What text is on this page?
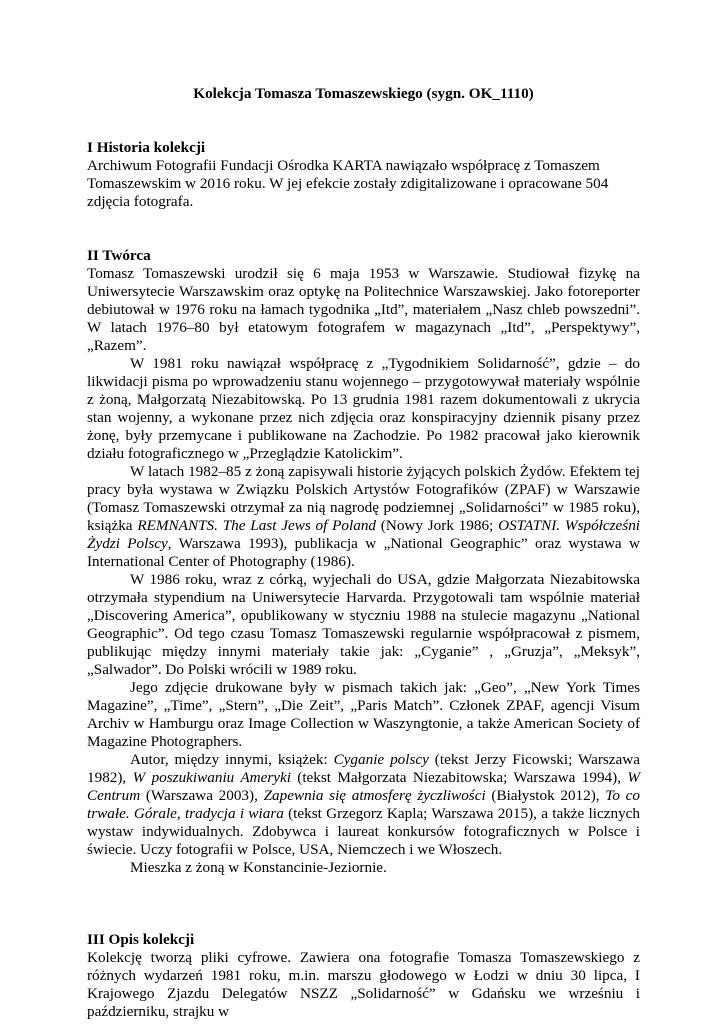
Kolekcja Tomasza Tomaszewskiego (sygn. OK_1110)

I Historia kolekcji

Archiwum Fotografii Fundacji Ośrodka KARTA nawiązało współpracę z Tomaszem Tomaszewskim w 2016 roku. W jej efekcie zostały zdigitalizowane i opracowane 504 zdjęcia fotografa.

II Twórca

Tomasz Tomaszewski urodził się 6 maja 1953 w Warszawie. Studiował fizykę na Uniwersytecie Warszawskim oraz optykę na Politechnice Warszawskiej. Jako fotoreporter debiutował w 1976 roku na łamach tygodnika „Itd”, materiałem „Nasz chleb powszedni”. W latach 1976–80 był etatowym fotografem w magazynach „Itd”, „Perspektywy”, „Razem”.

W 1981 roku nawiązał współpracę z „Tygodnikiem Solidarność”, gdzie – do likwidacji pisma po wprowadzeniu stanu wojennego – przygotowywał materiały wspólnie z żoną, Małgorzatą Niezabitowską. Po 13 grudnia 1981 razem dokumentowali z ukrycia stan wojenny, a wykonane przez nich zdjęcia oraz konspiracyjny dziennik pisany przez żonę, były przemycane i publikowane na Zachodzie. Po 1982 pracował jako kierownik działu fotograficznego w „Przeglądzie Katolickim”.

W latach 1982–85 z żoną zapisywali historie żyjących polskich Żydów. Efektem tej pracy była wystawa w Związku Polskich Artystów Fotografików (ZPAF) w Warszawie (Tomasz Tomaszewski otrzymał za nią nagrodę podziemnej „Solidarności” w 1985 roku), książka REMNANTS. The Last Jews of Poland (Nowy Jork 1986; OSTATNI. Współcześni Żydzi Polscy, Warszawa 1993), publikacja w „National Geographic” oraz wystawa w International Center of Photography (1986).

W 1986 roku, wraz z córką, wyjechali do USA, gdzie Małgorzata Niezabitowska otrzymała stypendium na Uniwersytecie Harvarda. Przygotowali tam wspólnie materiał „Discovering America”, opublikowany w styczniu 1988 na stulecie magazynu „National Geographic”. Od tego czasu Tomasz Tomaszewski regularnie współpracował z pismem, publikując między innymi materiały takie jak: „Cyganie” , „Gruzja”, „Meksyk”, „Salwador”. Do Polski wrócili w 1989 roku.

Jego zdjęcie drukowane były w pismach takich jak: „Geo”, „New York Times Magazine”, „Time”, „Stern”, „Die Zeit”, „Paris Match”. Członek ZPAF, agencji Visum Archiv w Hamburgu oraz Image Collection w Waszyngtonie, a także American Society of Magazine Photographers.

Autor, między innymi, książek: Cyganie polscy (tekst Jerzy Ficowski; Warszawa 1982), W poszukiwaniu Ameryki (tekst Małgorzata Niezabitowska; Warszawa 1994), W Centrum (Warszawa 2003), Zapewnia się atmosferę życzliwości (Białystok 2012), To co trwałe. Górale, tradycja i wiara (tekst Grzegorz Kapla; Warszawa 2015), a także licznych wystaw indywidualnych. Zdobywca i laureat konkursów fotograficznych w Polsce i świecie. Uczy fotografii w Polsce, USA, Niemczech i we Włoszech.

Mieszka z żoną w Konstancinie-Jeziornie.

III Opis kolekcji

Kolekcję tworzą pliki cyfrowe. Zawiera ona fotografie Tomasza Tomaszewskiego z różnych wydarzeń 1981 roku, m.in. marszu głodowego w Łodzi w dniu 30 lipca, I Krajowego Zjazdu Delegatów NSZZ „Solidarność” w Gdańsku we wrześniu i październiku, strajku w
